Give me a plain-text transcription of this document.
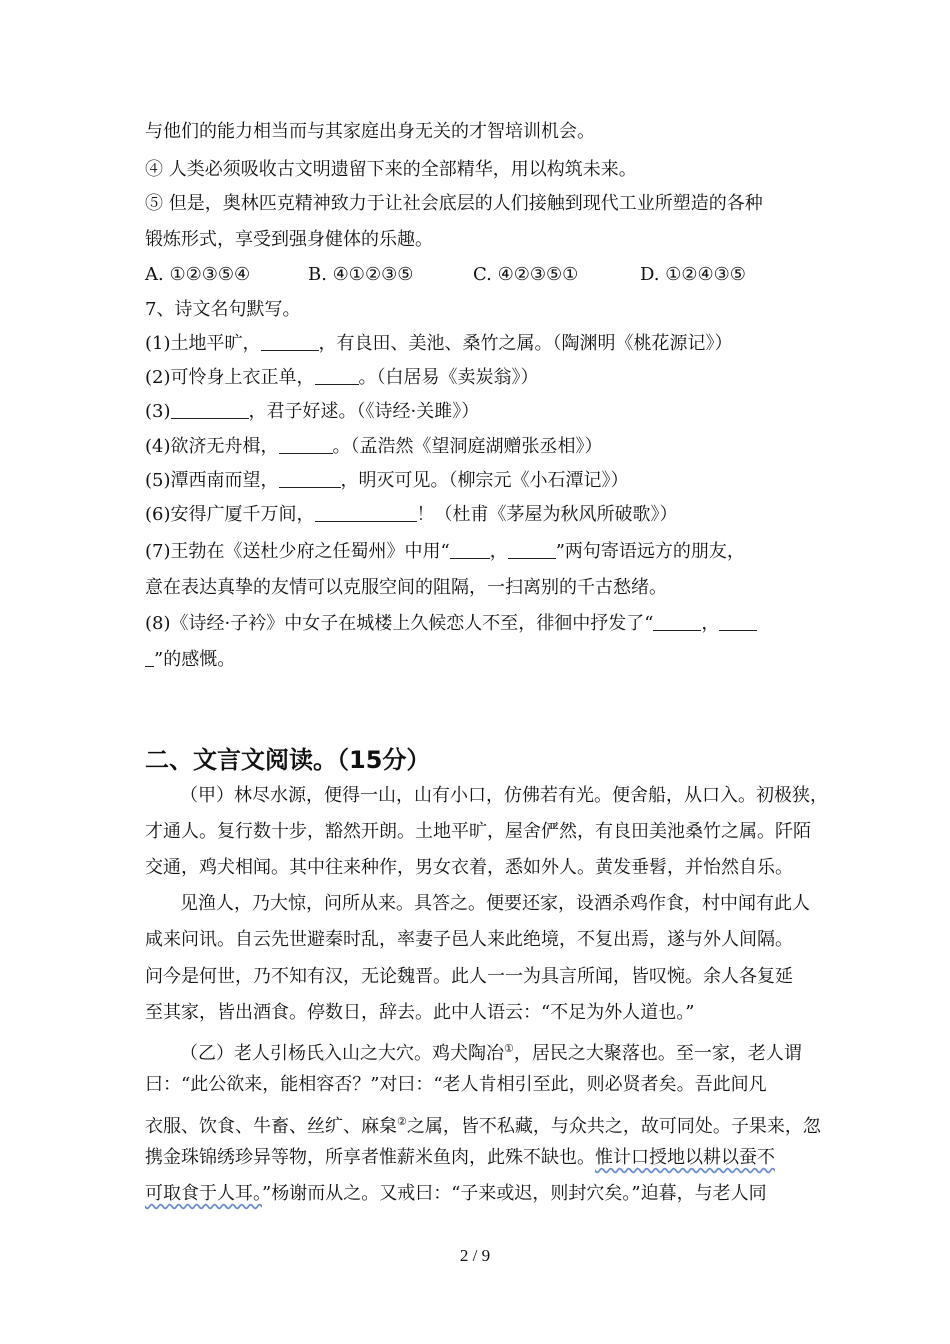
与他们的能力相当而与其家庭出身无关的才智培训机会。
④ 人类必须吸收古文明遗留下来的全部精华，用以构筑未来。
⑤ 但是，奥林匹克精神致力于让社会底层的人们接触到现代工业所塑造的各种
锻炼形式，享受到强身健体的乐趣。
A. ①②③⑤④	B. ④①②③⑤	C. ④②③⑤①	D. ①②④③⑤
7、诗文名句默写。
(1)土地平旷，	，有良田、美池、桑竹之属。（陶渊明《桃花源记》）
(2)可怜身上衣正单， 。（白居易《卖炭翁》）
(3)	，君子好逑。（《诗经·关雎》）
(4)欲济无舟楫，	。（孟浩然《望洞庭湖赠张丞相》）
(5)潭西南而望，	，明灭可见。（柳宗元《小石潭记》）
(6)安得广厦千万间，	！（杜甫《茅屋为秋风所破歌》）
(7)王勃在《送杜少府之任蜀州》中用“ ，	”两句寄语远方的朋友，
意在表达真挚的友情可以克服空间的阻隔，一扫离别的千古愁绪。
(8)《诗经·子衿》中女子在城楼上久候恋人不至，徘徊中抒发了“	，
”的感慨。
二、文言文阅读。（15分）
（甲）林尽水源，便得一山，山有小口，仿佛若有光。便舍船，从口入。初极狭，
才通人。复行数十步，豁然开朗。土地平旷，屋舍俨然，有良田美池桑竹之属。阡陌
交通，鸡犬相闻。其中往来种作，男女衣着，悉如外人。黄发垂髫，并怡然自乐。
见渔人，乃大惊，问所从来。具答之。便要还家，设酒杀鸡作食，村中闻有此人
咸来问讯。自云先世避秦时乱，率妻子邑人来此绝境，不复出焉，遂与外人间隔。
问今是何世，乃不知有汉，无论魏晋。此人一一为具言所闻，皆叹惋。余人各复延
至其家，皆出酒食。停数日，辞去。此中人语云：“不足为外人道也。”
（乙）老人引杨氏入山之大穴。鸡犬陶冶①，居民之大聚落也。至一家，老人谓
曰：“此公欲来，能相容否？”对曰：“老人肯相引至此，则必贤者矣。吾此间凡
衣服、饮食、牛畜、丝纩、麻枲②之属，皆不私藏，与众共之，故可同处。子果来，忽
携金珠锦绣珍异等物，所享者惟薪米鱼肉，此殊不缺也。惟计口授地以耕以蚕不
可取食于人耳。”杨谢而从之。又戒曰：“子来或迟，则封穴矣。”迫暮，与老人同
2 / 9
